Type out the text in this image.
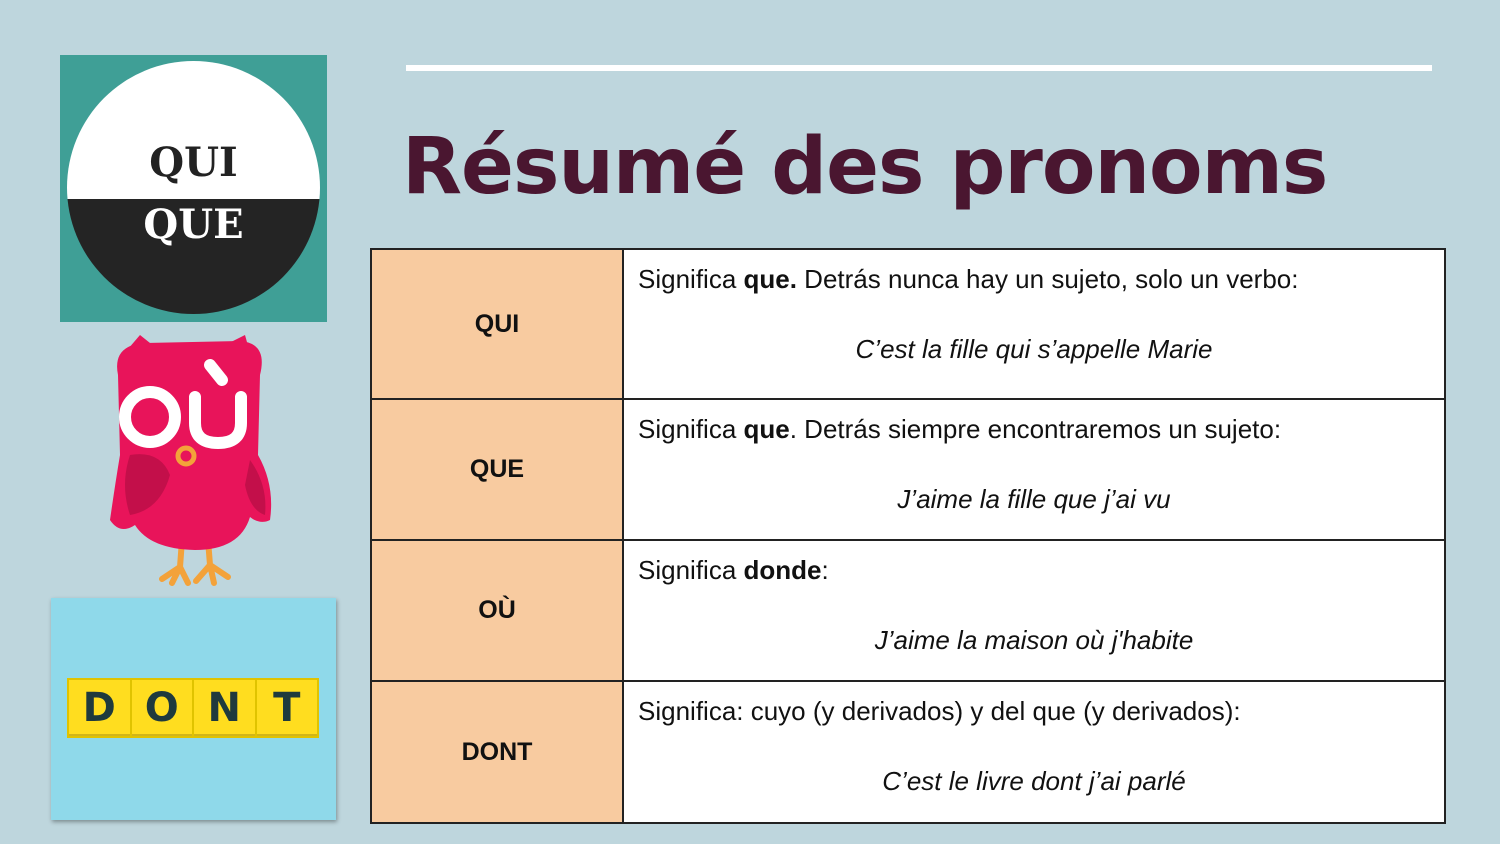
Résumé des pronoms
QUI
QUE
D O N T
QUI	Significa que. Detrás nunca hay un sujeto, solo un verbo:
C’est la fille qui s’appelle Marie

QUE	Significa que. Detrás siempre encontraremos un sujeto:
J’aime la fille que j’ai vu

OÙ	Significa donde:
J’aime la maison où j'habite

DONT	Significa: cuyo (y derivados) y del que (y derivados):
C’est le livre dont j’ai parlé
